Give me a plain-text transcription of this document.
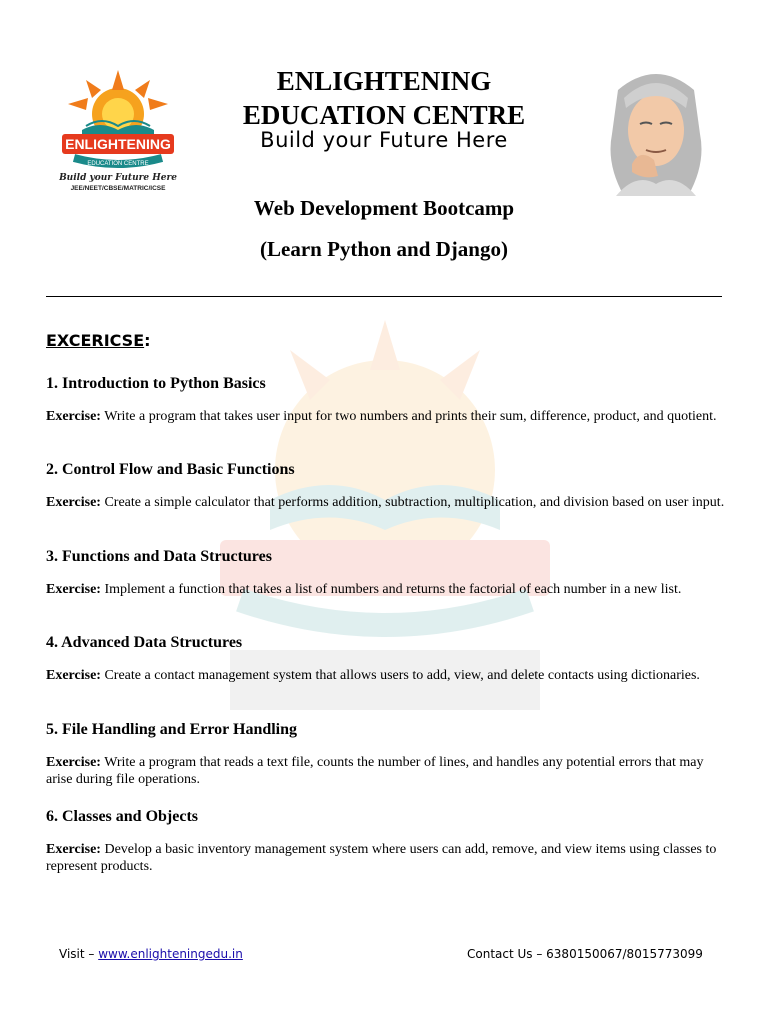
ENLIGHTENING
EDUCATION CENTRE
Build your Future Here
JEE/NEET/CBSE/MATRIC/ICSE
ENLIGHTENING
EDUCATION CENTRE
Build your Future Here
Web Development Bootcamp
(Learn Python and Django)
EXCERICSE:

1. Introduction to Python Basics

Exercise: Write a program that takes user input for two numbers and prints their sum, difference, product, and quotient.

2. Control Flow and Basic Functions

Exercise: Create a simple calculator that performs addition, subtraction, multiplication, and division based on user input.

3. Functions and Data Structures

Exercise: Implement a function that takes a list of numbers and returns the factorial of each number in a new list.

4. Advanced Data Structures

Exercise: Create a contact management system that allows users to add, view, and delete contacts using dictionaries.

5. File Handling and Error Handling

Exercise: Write a program that reads a text file, counts the number of lines, and handles any potential errors that may arise during file operations.

6. Classes and Objects

Exercise: Develop a basic inventory management system where users can add, remove, and view items using classes to represent products.
Visit – www.enlighteningedu.in	Contact Us – 6380150067/8015773099
